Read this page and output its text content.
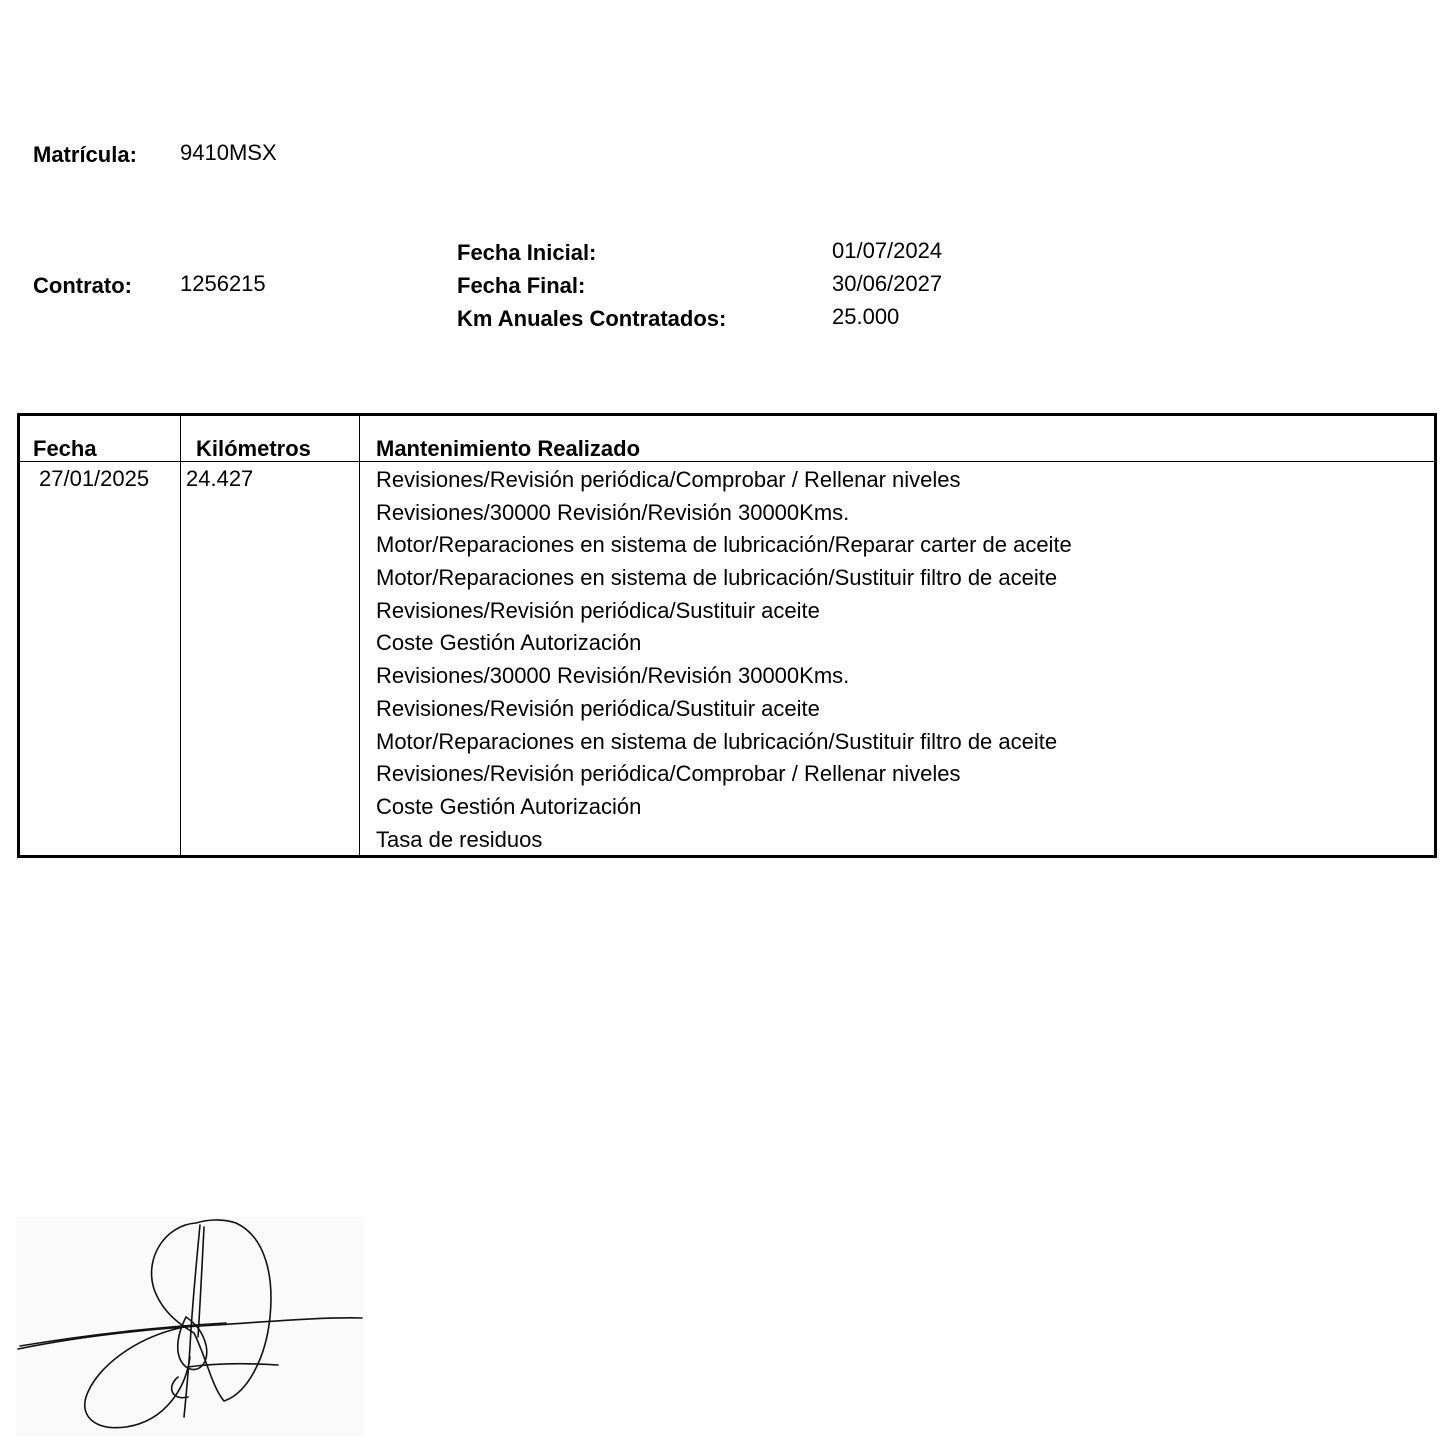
Matrícula: 9410MSX
Contrato: 1256215
Fecha Inicial:	01/07/2024
Fecha Final:	30/06/2027
Km Anuales Contratados:	25.000
Fecha	Kilómetros	Mantenimiento Realizado
27/01/2025 24.427	Revisiones/Revisión periódica/Comprobar / Rellenar niveles
Revisiones/30000 Revisión/Revisión 30000Kms.
Motor/Reparaciones en sistema de lubricación/Reparar carter de aceite
Motor/Reparaciones en sistema de lubricación/Sustituir filtro de aceite
Revisiones/Revisión periódica/Sustituir aceite
Coste Gestión Autorización
Revisiones/30000 Revisión/Revisión 30000Kms.
Revisiones/Revisión periódica/Sustituir aceite
Motor/Reparaciones en sistema de lubricación/Sustituir filtro de aceite
Revisiones/Revisión periódica/Comprobar / Rellenar niveles
Coste Gestión Autorización
Tasa de residuos
